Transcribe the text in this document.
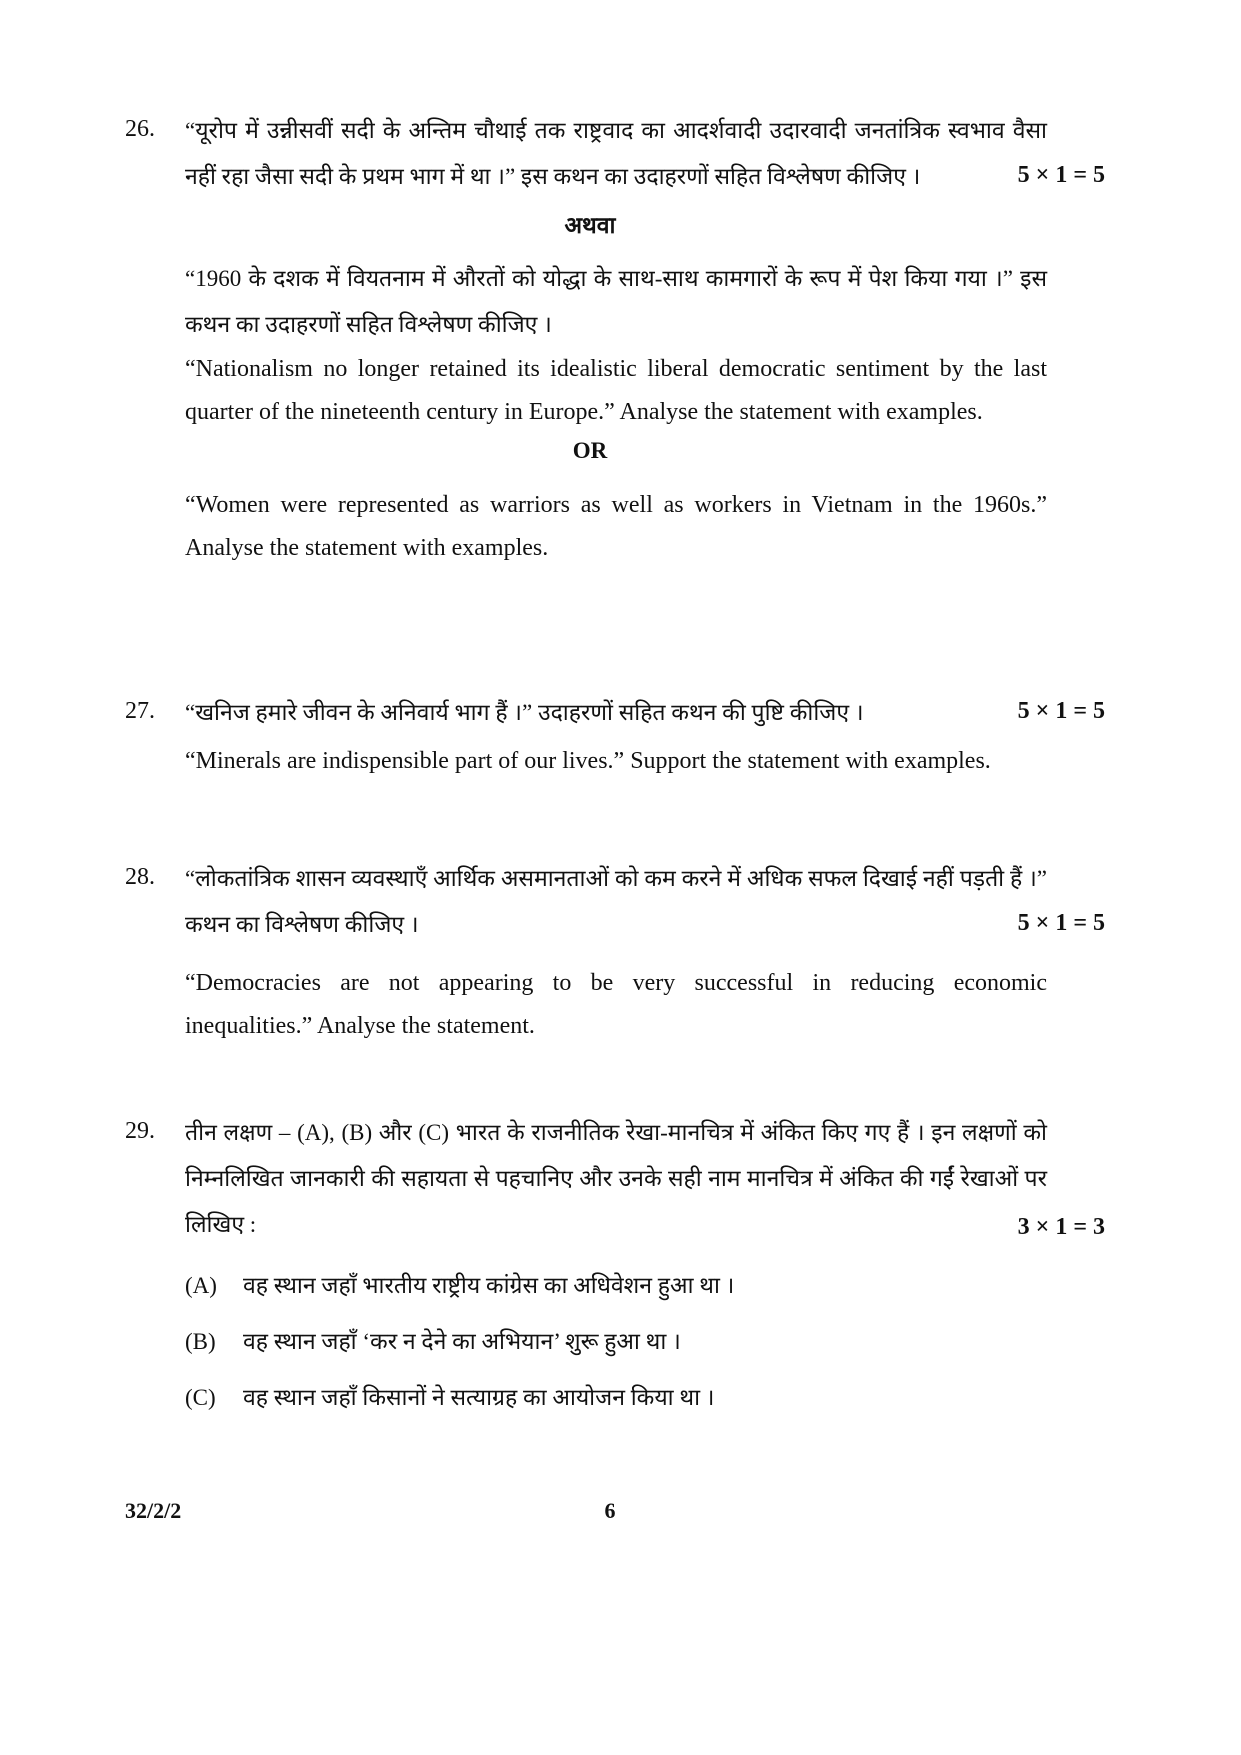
26. “यूरोप में उन्नीसवीं सदी के अन्तिम चौथाई तक राष्ट्रवाद का आदर्शवादी उदारवादी जनतांत्रिक स्वभाव वैसा नहीं रहा जैसा सदी के प्रथम भाग में था ।” इस कथन का उदाहरणों सहित विश्लेषण कीजिए ।	5 × 1 = 5
अथवा
“1960 के दशक में वियतनाम में औरतों को योद्धा के साथ-साथ कामगारों के रूप में पेश किया गया ।” इस कथन का उदाहरणों सहित विश्लेषण कीजिए ।
“Nationalism no longer retained its idealistic liberal democratic sentiment by the last quarter of the nineteenth century in Europe.” Analyse the statement with examples.
OR
“Women were represented as warriors as well as workers in Vietnam in the 1960s.” Analyse the statement with examples.
27. “खनिज हमारे जीवन के अनिवार्य भाग हैं ।” उदाहरणों सहित कथन की पुष्टि कीजिए ।	5 × 1 = 5
“Minerals are indispensible part of our lives.” Support the statement with examples.
28. “लोकतांत्रिक शासन व्यवस्थाएँ आर्थिक असमानताओं को कम करने में अधिक सफल दिखाई नहीं पड़ती हैं ।” कथन का विश्लेषण कीजिए ।	5 × 1 = 5
“Democracies are not appearing to be very successful in reducing economic inequalities.” Analyse the statement.
29. तीन लक्षण – (A), (B) और (C) भारत के राजनीतिक रेखा-मानचित्र में अंकित किए गए हैं । इन लक्षणों को निम्नलिखित जानकारी की सहायता से पहचानिए और उनके सही नाम मानचित्र में अंकित की गईं रेखाओं पर लिखिए :	3 × 1 = 3
(A) वह स्थान जहाँ भारतीय राष्ट्रीय कांग्रेस का अधिवेशन हुआ था ।
(B) वह स्थान जहाँ ‘कर न देने का अभियान’ शुरू हुआ था ।
(C) वह स्थान जहाँ किसानों ने सत्याग्रह का आयोजन किया था ।
32/2/2	6
